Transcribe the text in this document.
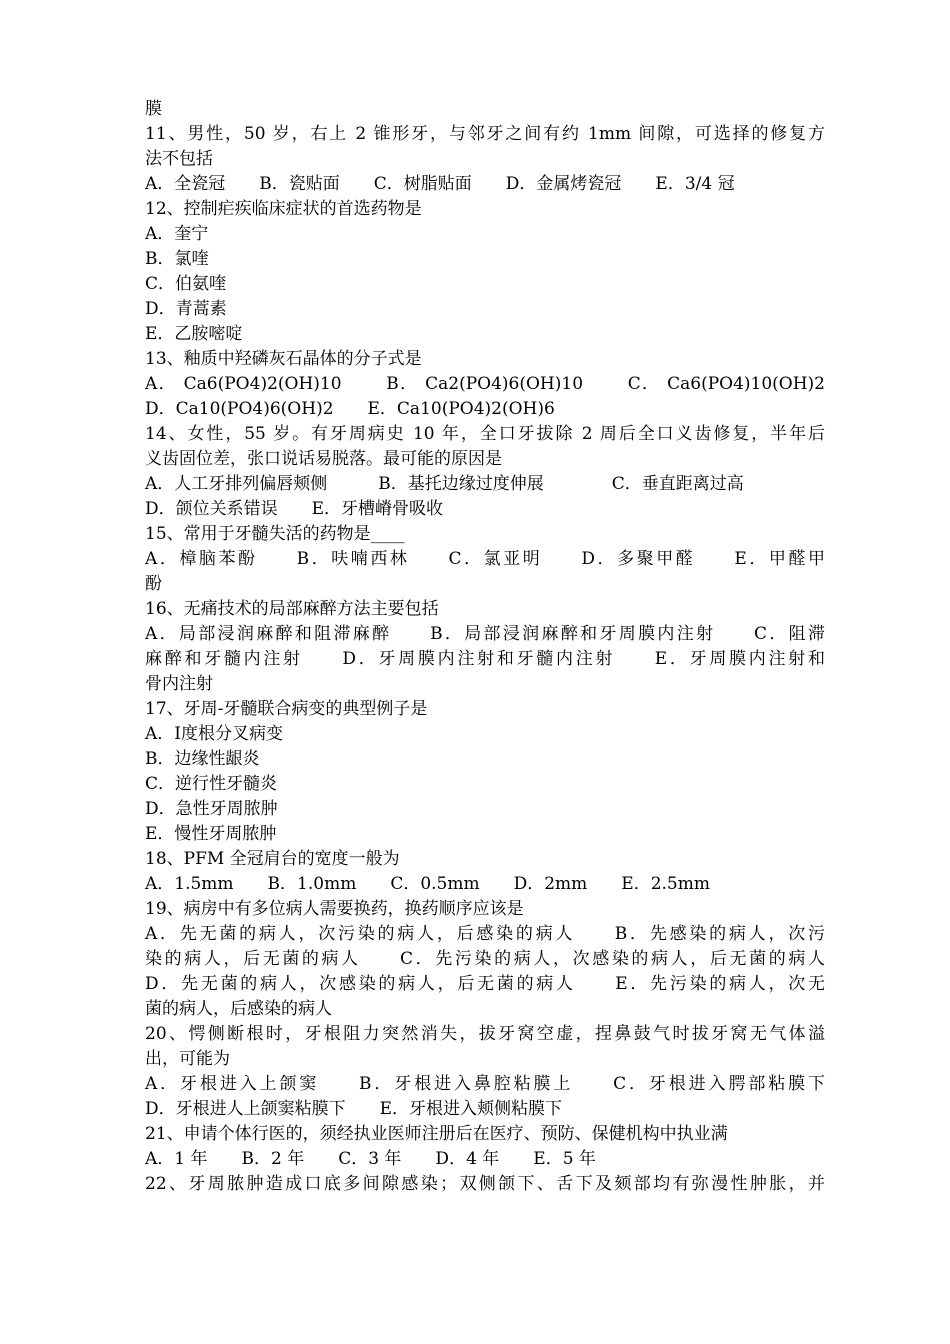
膜
11、男性，50 岁，右上 2 锥形牙，与邻牙之间有约 1mm 间隙，可选择的修复方
法不包括
A．全瓷冠　　B．瓷贴面　　C．树脂贴面　　D．金属烤瓷冠　　E．3/4 冠
12、控制疟疾临床症状的首选药物是
A．奎宁
B．氯喹
C．伯氨喹
D．青蒿素
E．乙胺嘧啶
13、釉质中羟磷灰石晶体的分子式是
A． Ca6(PO4)2(OH)10　　 B． Ca2(PO4)6(OH)10　　 C． Ca6(PO4)10(OH)2
D．Ca10(PO4)6(OH)2　　E．Ca10(PO4)2(OH)6
14、女性，55 岁。有牙周病史 10 年，全口牙拔除 2 周后全口义齿修复，半年后
义齿固位差，张口说话易脱落。最可能的原因是
A．人工牙排列偏唇颊侧　　　B．基托边缘过度伸展　　　　C．垂直距离过高
D．颌位关系错误　　E．牙槽嵴骨吸收
15、常用于牙髓失活的药物是____
A．樟脑苯酚　　B．呋喃西林　　C．氯亚明　　D．多聚甲醛　　E．甲醛甲
酚
16、无痛技术的局部麻醉方法主要包括
A．局部浸润麻醉和阻滞麻醉　　B．局部浸润麻醉和牙周膜内注射　　C．阻滞
麻醉和牙髓内注射　　D．牙周膜内注射和牙髓内注射　　E．牙周膜内注射和
骨内注射
17、牙周-牙髓联合病变的典型例子是
A．Ⅰ度根分叉病变
B．边缘性龈炎
C．逆行性牙髓炎
D．急性牙周脓肿
E．慢性牙周脓肿
18、PFM 全冠肩台的宽度一般为
A．1.5mm　　B．1.0mm　　C．0.5mm　　D．2mm　　E．2.5mm
19、病房中有多位病人需要换药，换药顺序应该是
A．先无菌的病人，次污染的病人，后感染的病人　　B．先感染的病人，次污
染的病人，后无菌的病人　　C．先污染的病人，次感染的病人，后无菌的病人
D．先无菌的病人，次感染的病人，后无菌的病人　　E．先污染的病人，次无
菌的病人，后感染的病人
20、愕侧断根时，牙根阻力突然消失，拔牙窝空虚，捏鼻鼓气时拔牙窝无气体溢
出，可能为
A．牙根进入上颌窦　　B．牙根进入鼻腔粘膜上　　C．牙根进入腭部粘膜下
D．牙根进人上颌窦粘膜下　　E．牙根进入颊侧粘膜下
21、申请个体行医的，须经执业医师注册后在医疗、预防、保健机构中执业满
A．1 年　　B．2 年　　C．3 年　　D．4 年　　E．5 年
22、牙周脓肿造成口底多间隙感染；双侧颌下、舌下及颏部均有弥漫性肿胀，并
